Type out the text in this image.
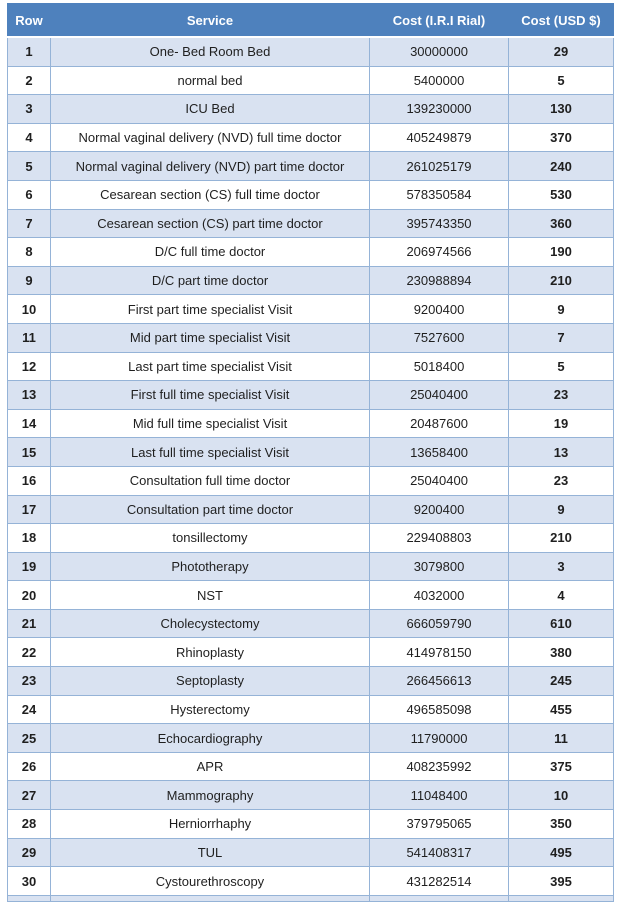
Row	Service	Cost (I.R.I Rial)	Cost (USD $)
1	One- Bed Room Bed	30000000	29
2	normal bed	5400000	5
3	ICU Bed	139230000	130
4	Normal vaginal delivery (NVD) full time doctor	405249879	370
5	Normal vaginal delivery (NVD) part time doctor	261025179	240
6	Cesarean section (CS) full time doctor	578350584	530
7	Cesarean section (CS) part time doctor	395743350	360
8	D/C full time doctor	206974566	190
9	D/C part time doctor	230988894	210
10	First part time specialist Visit	9200400	9
11	Mid part time specialist Visit	7527600	7
12	Last part time specialist Visit	5018400	5
13	First full time specialist Visit	25040400	23
14	Mid full time specialist Visit	20487600	19
15	Last full time specialist Visit	13658400	13
16	Consultation full time doctor	25040400	23
17	Consultation part time doctor	9200400	9
18	tonsillectomy	229408803	210
19	Phototherapy	3079800	3
20	NST	4032000	4
21	Cholecystectomy	666059790	610
22	Rhinoplasty	414978150	380
23	Septoplasty	266456613	245
24	Hysterectomy	496585098	455
25	Echocardiography	11790000	11
26	APR	408235992	375
27	Mammography	11048400	10
28	Herniorrhaphy	379795065	350
29	TUL	541408317	495
30	Cystourethroscopy	431282514	395
